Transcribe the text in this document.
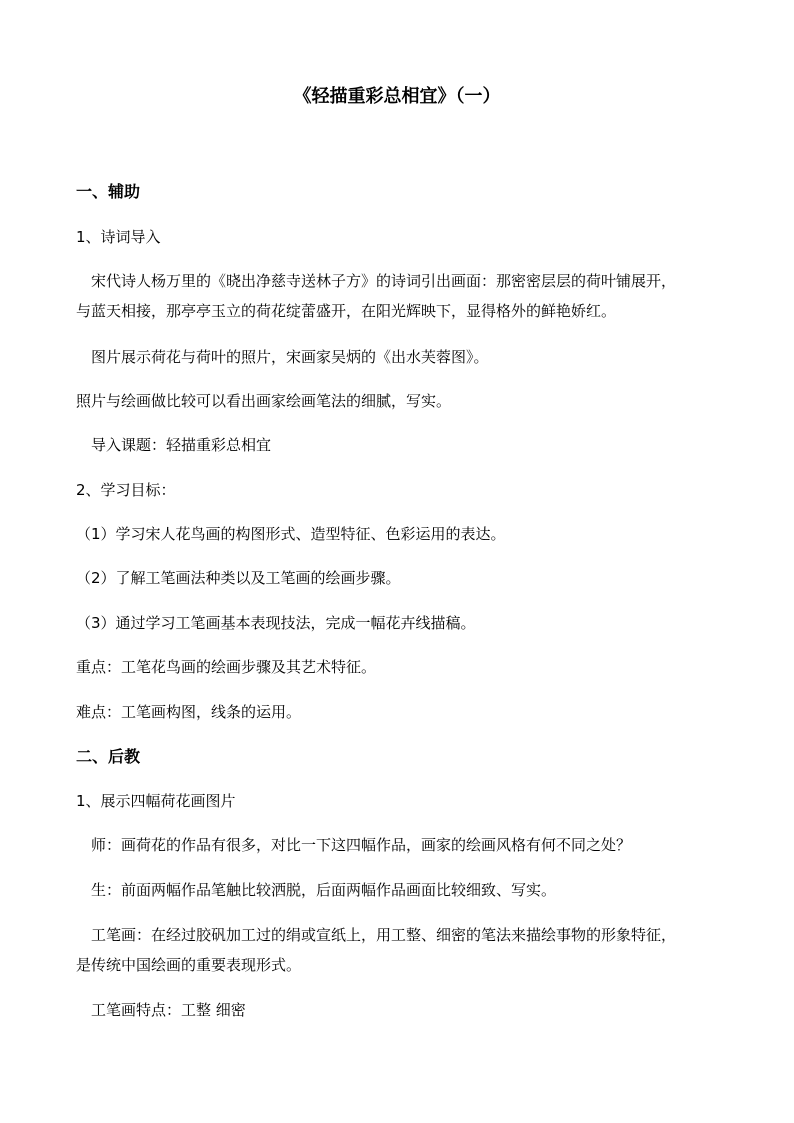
《轻描重彩总相宜》（一）
一、辅助
1、诗词导入
宋代诗人杨万里的《晓出净慈寺送林子方》的诗词引出画面：那密密层层的荷叶铺展开，
与蓝天相接，那亭亭玉立的荷花绽蕾盛开，在阳光辉映下，显得格外的鲜艳娇红。
图片展示荷花与荷叶的照片，宋画家吴炳的《出水芙蓉图》。
照片与绘画做比较可以看出画家绘画笔法的细腻，写实。
导入课题：轻描重彩总相宜
2、学习目标：
（1）学习宋人花鸟画的构图形式、造型特征、色彩运用的表达。
（2）了解工笔画法种类以及工笔画的绘画步骤。
（3）通过学习工笔画基本表现技法，完成一幅花卉线描稿。
重点：工笔花鸟画的绘画步骤及其艺术特征。
难点：工笔画构图，线条的运用。
二、后教
1、展示四幅荷花画图片
师：画荷花的作品有很多，对比一下这四幅作品，画家的绘画风格有何不同之处？
生：前面两幅作品笔触比较洒脱，后面两幅作品画面比较细致、写实。
工笔画：在经过胶矾加工过的绢或宣纸上，用工整、细密的笔法来描绘事物的形象特征，
是传统中国绘画的重要表现形式。
工笔画特点：工整 细密
